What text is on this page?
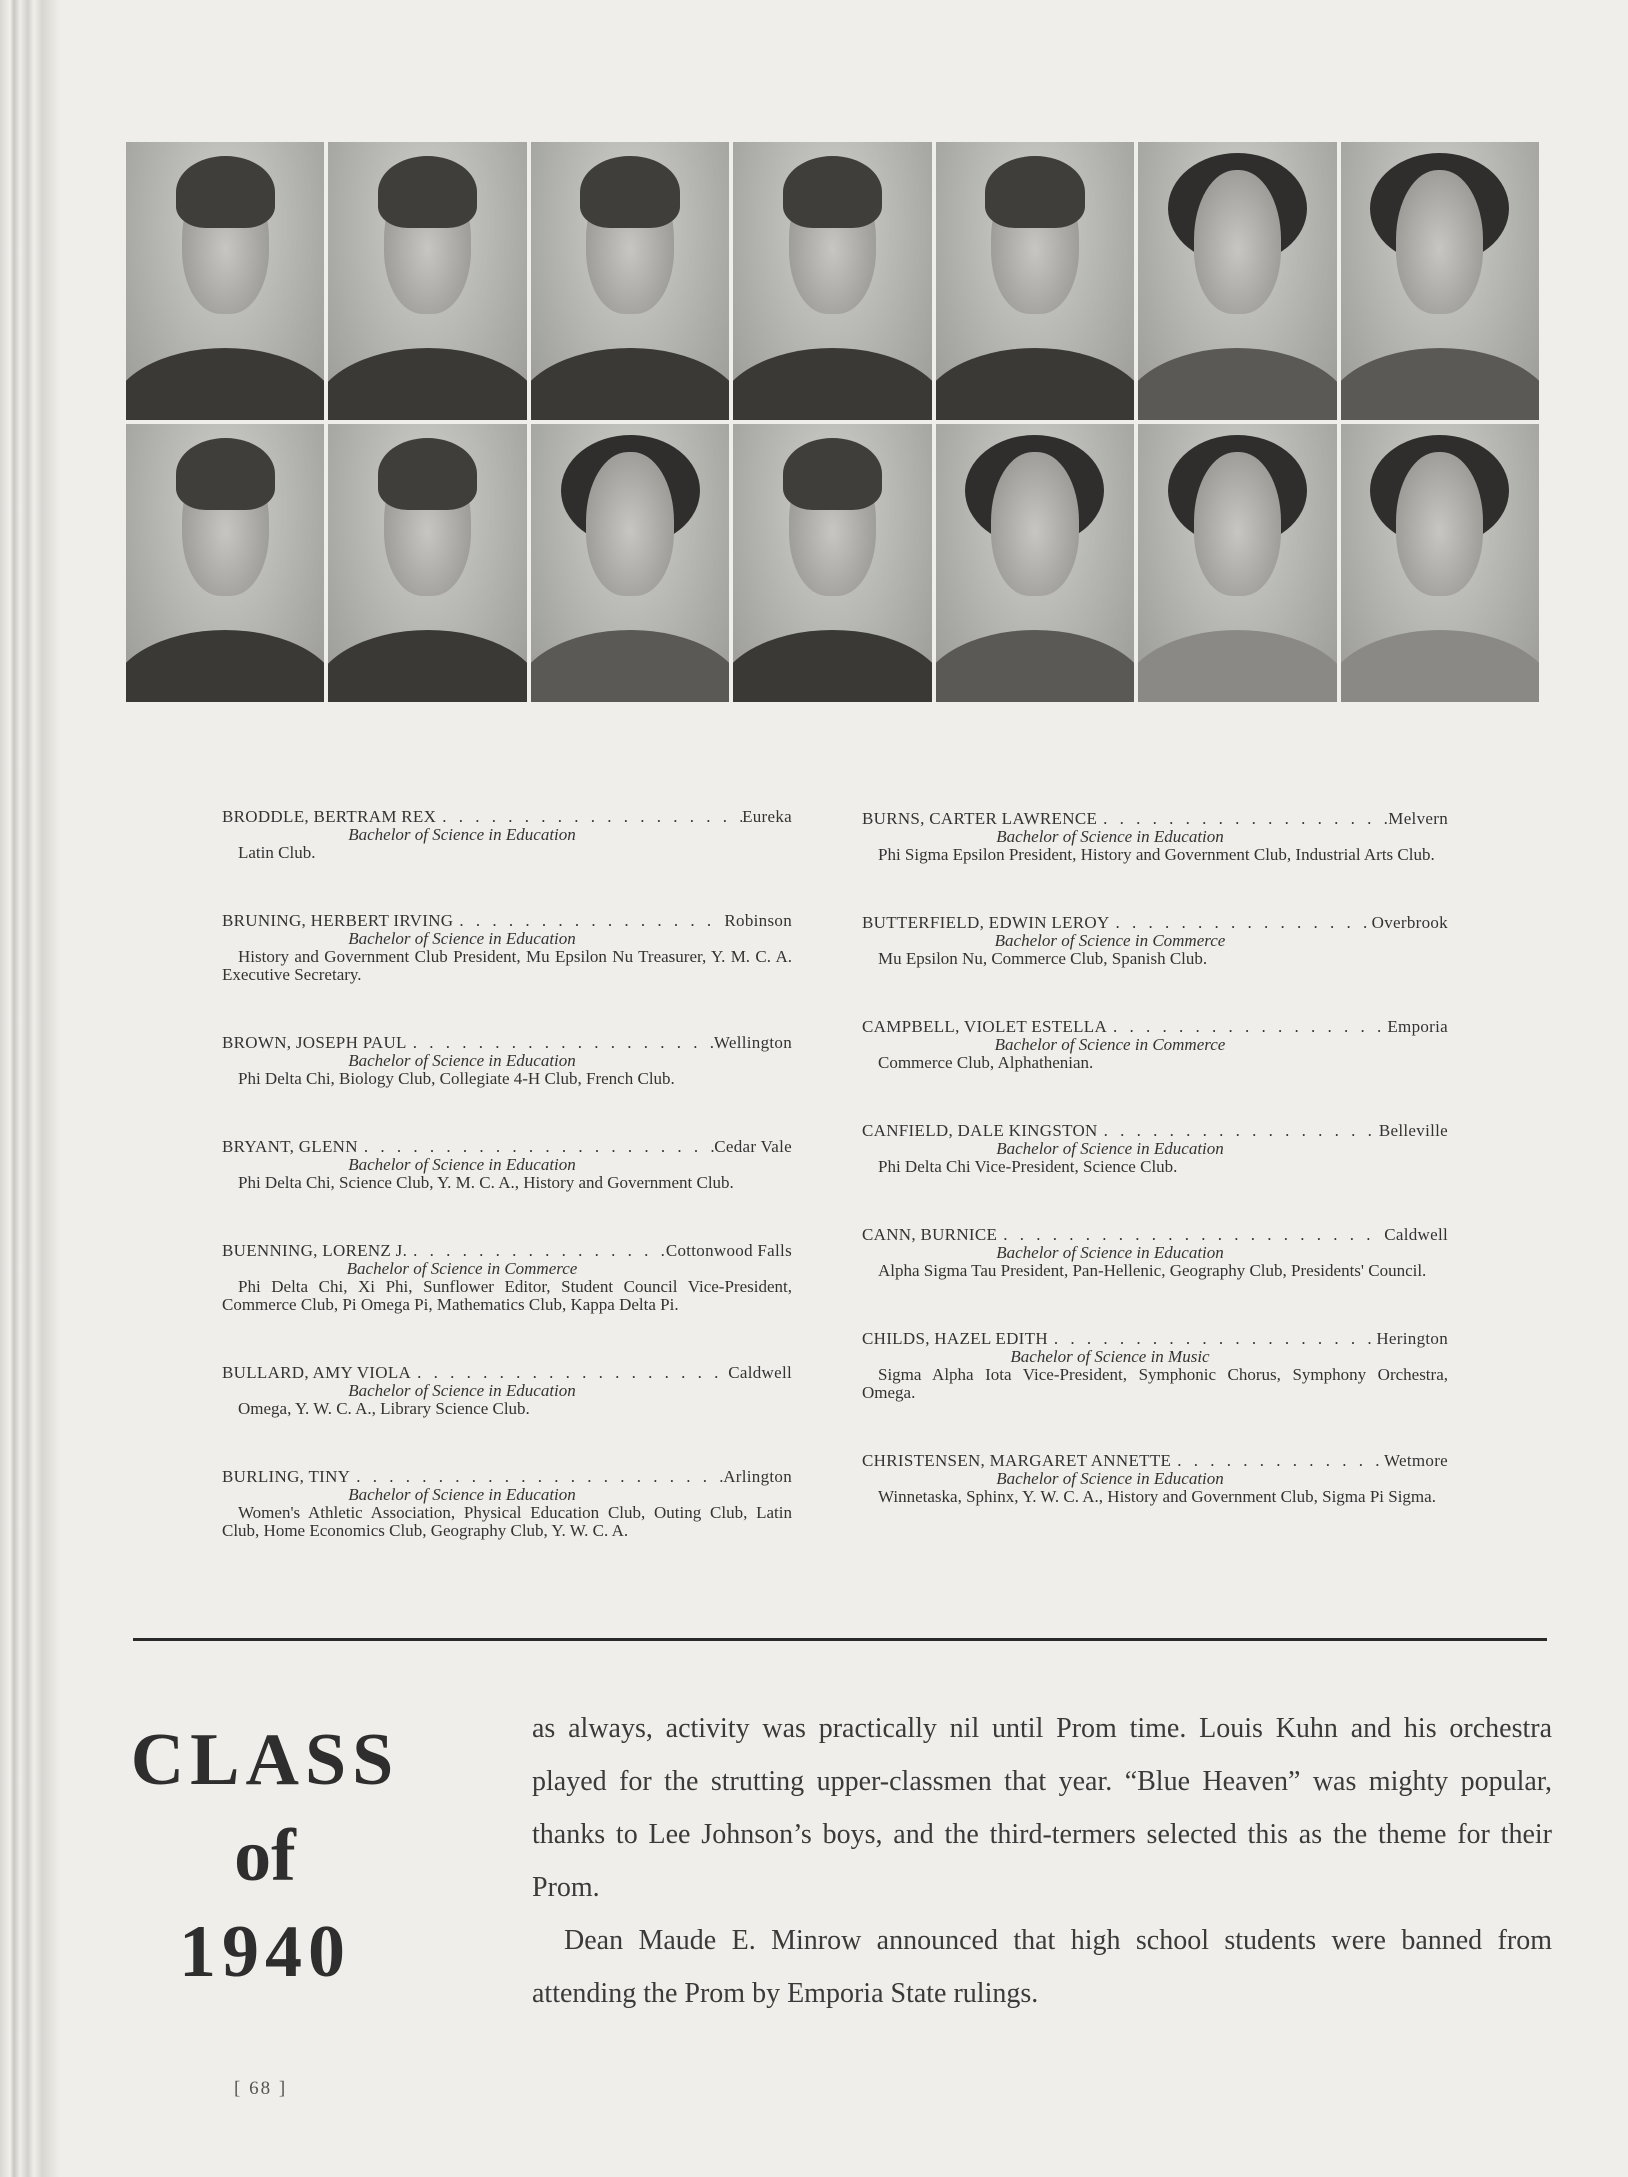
BRODDLE, BERTRAM REX . . .	Eureka
Bachelor of Science in Education
Latin Club.
BRUNING, HERBERT IRVING . . .	Robinson
Bachelor of Science in Education
History and Government Club President, Mu Epsilon Nu Treasurer, Y. M. C. A. Executive Secretary.
BROWN, JOSEPH PAUL . . .	Wellington
Bachelor of Science in Education
Phi Delta Chi, Biology Club, Collegiate 4-H Club, French Club.
BRYANT, GLENN . . .	Cedar Vale
Bachelor of Science in Education
Phi Delta Chi, Science Club, Y. M. C. A., History and Government Club.
BUENNING, LORENZ J. . . .	Cottonwood Falls
Bachelor of Science in Commerce
Phi Delta Chi, Xi Phi, Sunflower Editor, Student Council Vice-President, Commerce Club, Pi Omega Pi, Mathematics Club, Kappa Delta Pi.
BULLARD, AMY VIOLA . . .	Caldwell
Bachelor of Science in Education
Omega, Y. W. C. A., Library Science Club.
BURLING, TINY . . .	Arlington
Bachelor of Science in Education
Women's Athletic Association, Physical Education Club, Outing Club, Latin Club, Home Economics Club, Geography Club, Y. W. C. A.
BURNS, CARTER LAWRENCE . . .	Melvern
Bachelor of Science in Education
Phi Sigma Epsilon President, History and Government Club, Industrial Arts Club.
BUTTERFIELD, EDWIN LEROY . . .	Overbrook
Bachelor of Science in Commerce
Mu Epsilon Nu, Commerce Club, Spanish Club.
CAMPBELL, VIOLET ESTELLA . . .	Emporia
Bachelor of Science in Commerce
Commerce Club, Alphathenian.
CANFIELD, DALE KINGSTON . . .	Belleville
Bachelor of Science in Education
Phi Delta Chi Vice-President, Science Club.
CANN, BURNICE . . .	Caldwell
Bachelor of Science in Education
Alpha Sigma Tau President, Pan-Hellenic, Geography Club, Presidents' Council.
CHILDS, HAZEL EDITH . . .	Herington
Bachelor of Science in Music
Sigma Alpha Iota Vice-President, Symphonic Chorus, Symphony Orchestra, Omega.
CHRISTENSEN, MARGARET ANNETTE . . .	Wetmore
Bachelor of Science in Education
Winnetaska, Sphinx, Y. W. C. A., History and Government Club, Sigma Pi Sigma.
CLASS
of
1940

as always, activity was practically nil until Prom time. Louis Kuhn and his orchestra played for the strutting upper-classmen that year. “Blue Heaven” was mighty popular, thanks to Lee Johnson’s boys, and the third-termers selected this as the theme for their Prom.

Dean Maude E. Minrow announced that high school students were banned from attending the Prom by Emporia State rulings.

[ 68 ]
